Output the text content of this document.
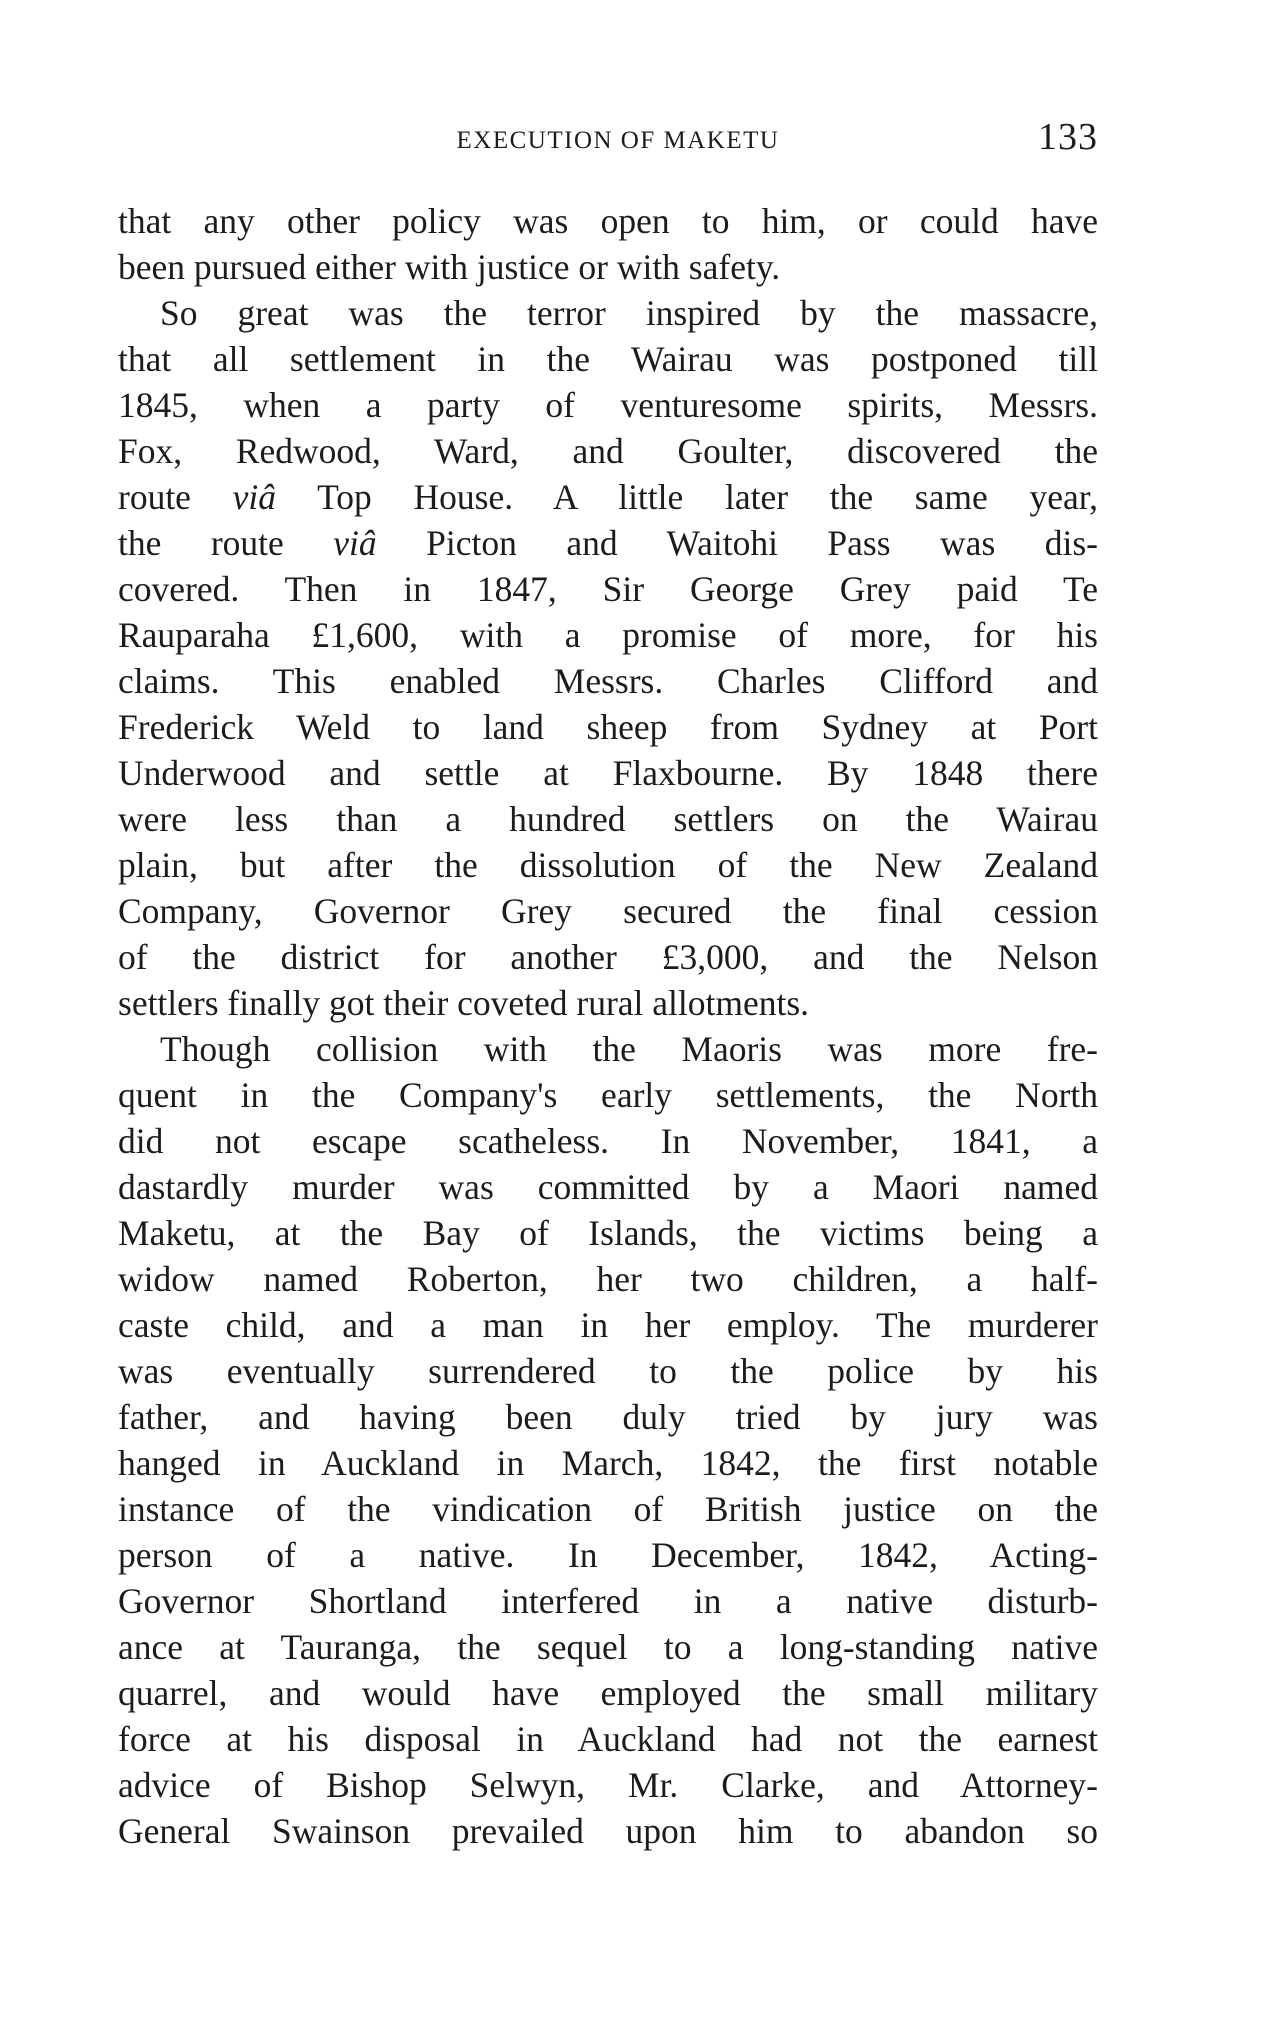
EXECUTION OF MAKETU	133
that any other policy was open to him, or could have
been pursued either with justice or with safety.
So great was the terror inspired by the massacre,
that all settlement in the Wairau was postponed till
1845, when a party of venturesome spirits, Messrs.
Fox, Redwood, Ward, and Goulter, discovered the
route viâ Top House. A little later the same year,
the route viâ Picton and Waitohi Pass was dis-
covered. Then in 1847, Sir George Grey paid Te
Rauparaha £1,600, with a promise of more, for his
claims. This enabled Messrs. Charles Clifford and
Frederick Weld to land sheep from Sydney at Port
Underwood and settle at Flaxbourne. By 1848 there
were less than a hundred settlers on the Wairau
plain, but after the dissolution of the New Zealand
Company, Governor Grey secured the final cession
of the district for another £3,000, and the Nelson
settlers finally got their coveted rural allotments.
Though collision with the Maoris was more fre-
quent in the Company's early settlements, the North
did not escape scatheless. In November, 1841, a
dastardly murder was committed by a Maori named
Maketu, at the Bay of Islands, the victims being a
widow named Roberton, her two children, a half-
caste child, and a man in her employ. The murderer
was eventually surrendered to the police by his
father, and having been duly tried by jury was
hanged in Auckland in March, 1842, the first notable
instance of the vindication of British justice on the
person of a native. In December, 1842, Acting-
Governor Shortland interfered in a native disturb-
ance at Tauranga, the sequel to a long-standing native
quarrel, and would have employed the small military
force at his disposal in Auckland had not the earnest
advice of Bishop Selwyn, Mr. Clarke, and Attorney-
General Swainson prevailed upon him to abandon so
